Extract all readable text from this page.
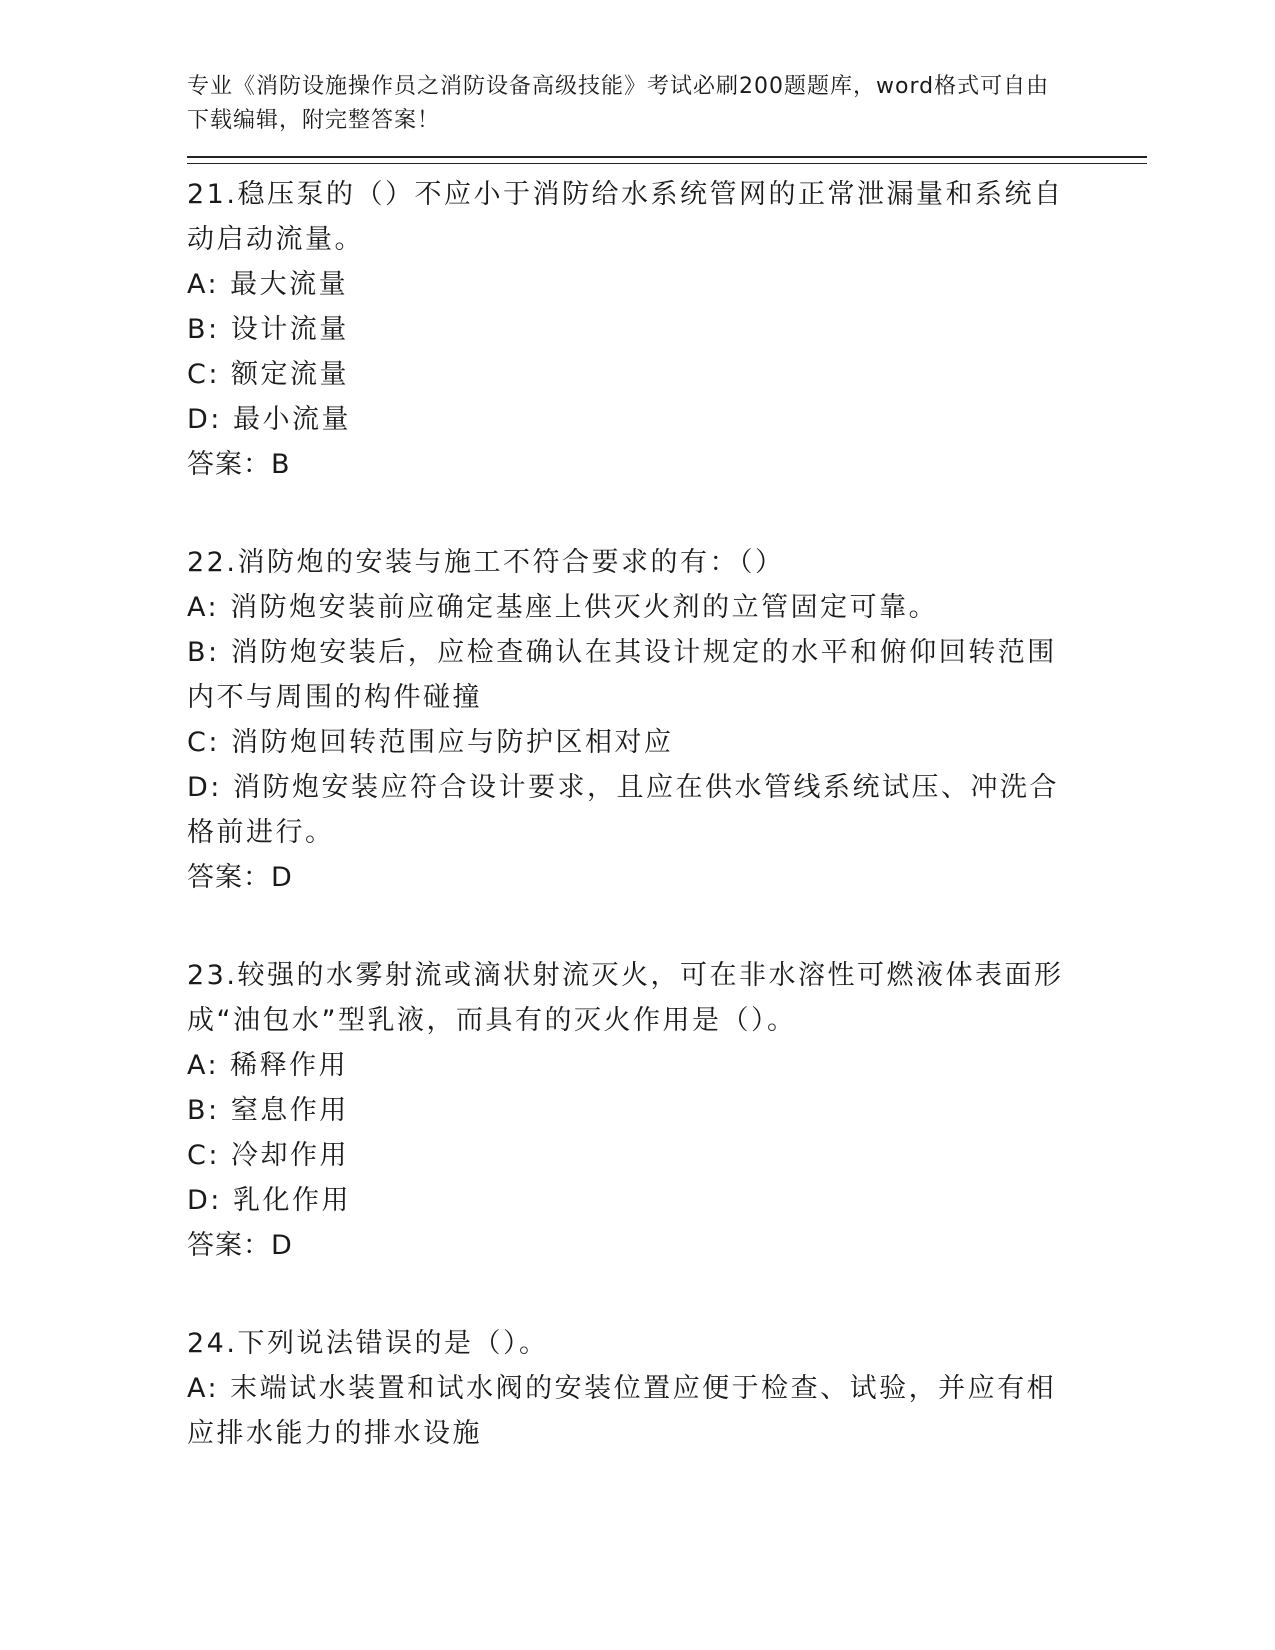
专业《消防设施操作员之消防设备高级技能》考试必刷200题题库，word格式可自由下载编辑，附完整答案！
21.稳压泵的（）不应小于消防给水系统管网的正常泄漏量和系统自动启动流量。
A: 最大流量
B: 设计流量
C: 额定流量
D: 最小流量
答案：B
22.消防炮的安装与施工不符合要求的有：（）
A: 消防炮安装前应确定基座上供灭火剂的立管固定可靠。
B: 消防炮安装后，应检查确认在其设计规定的水平和俯仰回转范围内不与周围的构件碰撞
C: 消防炮回转范围应与防护区相对应
D: 消防炮安装应符合设计要求，且应在供水管线系统试压、冲洗合格前进行。
答案：D
23.较强的水雾射流或滴状射流灭火，可在非水溶性可燃液体表面形成“油包水”型乳液，而具有的灭火作用是（）。
A: 稀释作用
B: 窒息作用
C: 冷却作用
D: 乳化作用
答案：D
24.下列说法错误的是（）。
A: 末端试水装置和试水阀的安装位置应便于检查、试验，并应有相应排水能力的排水设施
